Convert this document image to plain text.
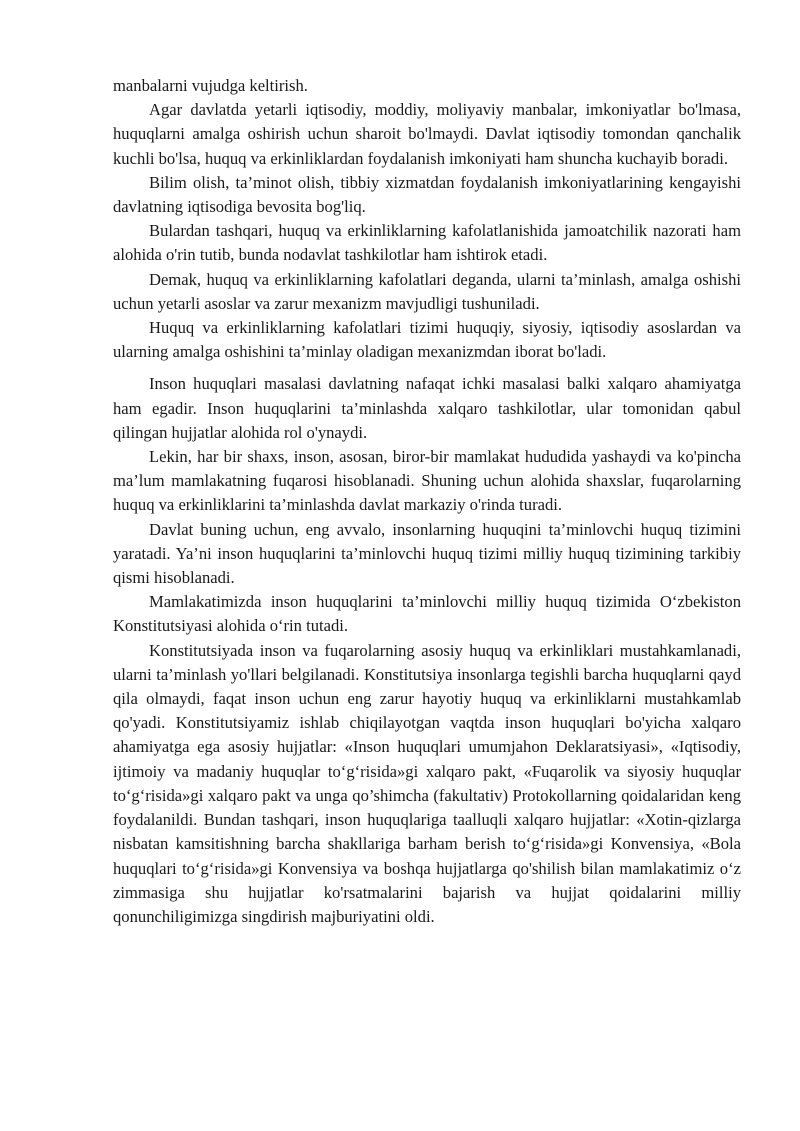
manbalarni vujudga keltirish.

Agar davlatda yetarli iqtisodiy, moddiy, moliyaviy manbalar, imkoniyatlar bo'lmasa, huquqlarni amalga oshirish uchun sharoit bo'lmaydi. Davlat iqtisodiy tomondan qanchalik kuchli bo'lsa, huquq va erkinliklardan foydalanish imkoniyati ham shuncha kuchayib boradi.

Bilim olish, ta’minot olish, tibbiy xizmatdan foydalanish imkoniyatlarining kengayishi davlatning iqtisodiga bevosita bog'liq.

Bulardan tashqari, huquq va erkinliklarning kafolatlanishida jamoatchilik nazorati ham alohida o'rin tutib, bunda nodavlat tashkilotlar ham ishtirok etadi.

Demak, huquq va erkinliklarning kafolatlari deganda, ularni ta’minlash, amalga oshishi uchun yetarli asoslar va zarur mexanizm mavjudligi tushuniladi.

Huquq va erkinliklarning kafolatlari tizimi huquqiy, siyosiy, iqtisodiy asoslardan va ularning amalga oshishini ta’minlay oladigan mexanizmdan iborat bo'ladi.

Inson huquqlari masalasi davlatning nafaqat ichki masalasi balki xalqaro ahamiyatga ham egadir. Inson huquqlarini ta’minlashda xalqaro tashkilotlar, ular tomonidan qabul qilingan hujjatlar alohida rol o'ynaydi.

Lekin, har bir shaxs, inson, asosan, biror-bir mamlakat hududida yashaydi va ko'pincha ma’lum mamlakatning fuqarosi hisoblanadi. Shuning uchun alohida shaxslar, fuqarolarning huquq va erkinliklarini ta’minlashda davlat markaziy o'rinda turadi.

Davlat buning uchun, eng avvalo, insonlarning huquqini ta’minlovchi huquq tizimini yaratadi. Ya’ni inson huquqlarini ta’minlovchi huquq tizimi milliy huquq tizimining tarkibiy qismi hisoblanadi.

Mamlakatimizda inson huquqlarini ta’minlovchi milliy huquq tizimida O‘zbekiston Konstitutsiyasi alohida o‘rin tutadi.

Konstitutsiyada inson va fuqarolarning asosiy huquq va erkinliklari mustahkamlanadi, ularni ta’minlash yo'llari belgilanadi. Konstitutsiya insonlarga tegishli barcha huquqlarni qayd qila olmaydi, faqat inson uchun eng zarur hayotiy huquq va erkinliklarni mustahkamlab qo'yadi. Konstitutsiyamiz ishlab chiqilayotgan vaqtda inson huquqlari bo'yicha xalqaro ahamiyatga ega asosiy hujjatlar: «Inson huquqlari umumjahon Deklaratsiyasi», «Iqtisodiy, ijtimoiy va madaniy huquqlar to‘g‘risida»gi xalqaro pakt, «Fuqarolik va siyosiy huquqlar to‘g‘risida»gi xalqaro pakt va unga qo’shimcha (fakultativ) Protokollarning qoidalaridan keng foydalanildi. Bundan tashqari, inson huquqlariga taalluqli xalqaro hujjatlar: «Xotin-qizlarga nisbatan kamsitishning barcha shakllariga barham berish to‘g‘risida»gi Konvensiya, «Bola huquqlari to‘g‘risida»gi Konvensiya va boshqa hujjatlarga qo'shilish bilan mamlakatimiz o‘z zimmasiga shu hujjatlar ko'rsatmalarini bajarish va hujjat qoidalarini milliy qonunchiligimizga singdirish majburiyatini oldi.
